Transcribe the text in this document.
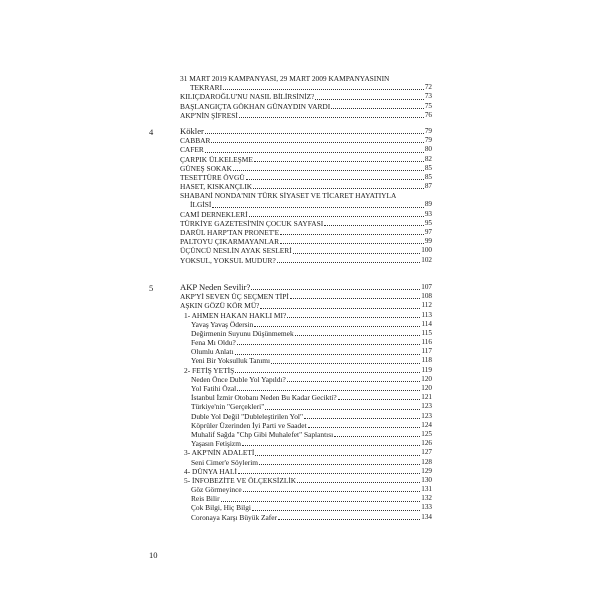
31 MART 2019 KAMPANYASI, 29 MART 2009 KAMPANYASININ
TEKRARI	72
KILIÇDAROĞLU'NU NASIL BİLİRSİNİZ?	73
BAŞLANGIÇTA GÖKHAN GÜNAYDIN VARDI	75
AKP'NİN ŞİFRESİ	76
4	Kökler	79
CABBAR	79
CAFER	80
ÇARPIK ÜLKELEŞME	82
GÜNEŞ SOKAK	85
TESETTÜRE ÖVGÜ	85
HASET, KISKANÇLIK	87
SHABANİ NONDA'NIN TÜRK SİYASET VE TİCARET HAYATIYLA
İLGİSİ	89
CAMİ DERNEKLERİ	93
TÜRKİYE GAZETESİ'NİN ÇOCUK SAYFASI	95
DARÜL HARP'TAN PRONET'E	97
PALTOYU ÇIKARMAYANLAR	99
ÜÇÜNCÜ NESLİN AYAK SESLERİ	100
YOKSUL, YOKSUL MUDUR?	102
5	AKP Neden Sevilir?	107
AKP'Yİ SEVEN ÜÇ SEÇMEN TİPİ	108
AŞKIN GÖZÜ KÖR MÜ?	112
1- AHMEN HAKAN HAKLI MI?	113
Yavaş Yavaş Ödersin	114
Değirmenin Suyunu Düşünmemek	115
Fena Mı Oldu?	116
Olumlu Anlatı	117
Yeni Bir Yoksulluk Tanımı	118
2- FETİŞ YETİŞ	119
Neden Önce Duble Yol Yapıldı?	120
Yol Fatihi Özal	120
İstanbul İzmir Otobanı Neden Bu Kadar Gecikti?	121
Türkiye'nin "Gerçekleri"	123
Duble Yol Değil "Dubleleştirilen Yol"	123
Köprüler Üzerinden İyi Parti ve Saadet	124
Muhalif Sağda "Chp Gibi Muhalefet" Saplantısı	125
Yaşasın Fetişizm	126
3- AKP'NİN ADALETİ	127
Seni Cimer'e Söylerim	128
4- DÜNYA HALİ	129
5- İNFOBEZİTE VE ÖLÇEKSİZLİK	130
Göz Görmeyince	131
Reis Bilir	132
Çok Bilgi, Hiç Bilgi	133
Coronaya Karşı Büyük Zafer	134
10
